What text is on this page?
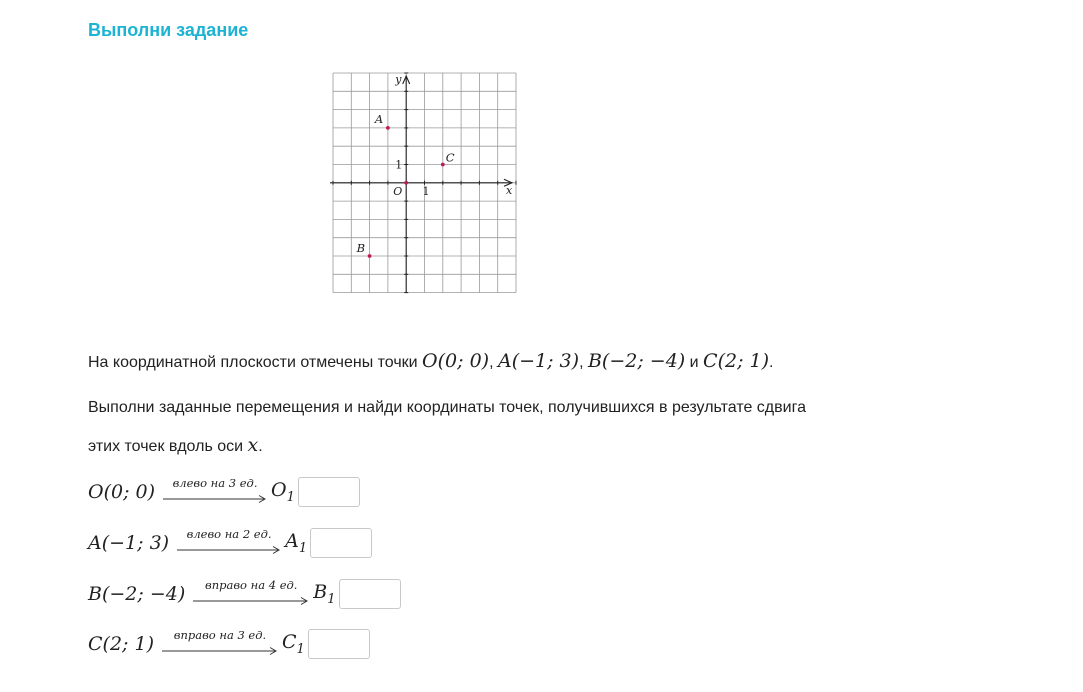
Выполни задание
x
y
O 1
1
A
B
C
На координатной плоскости отмечены точки O(0; 0), A(−1; 3), B(−2; −4) и C(2; 1).
Выполни заданные перемещения и найди координаты точек, получившихся в результате сдвига
этих точек вдоль оси x.
O(0; 0)	влево на 3 ед. $O_1$
A(−1; 3)	влево на 2 ед. $A_1$
B(−2; −4)	вправо на 4 ед. $B_1$
C(2; 1)	вправо на 3 ед. $C_1$
